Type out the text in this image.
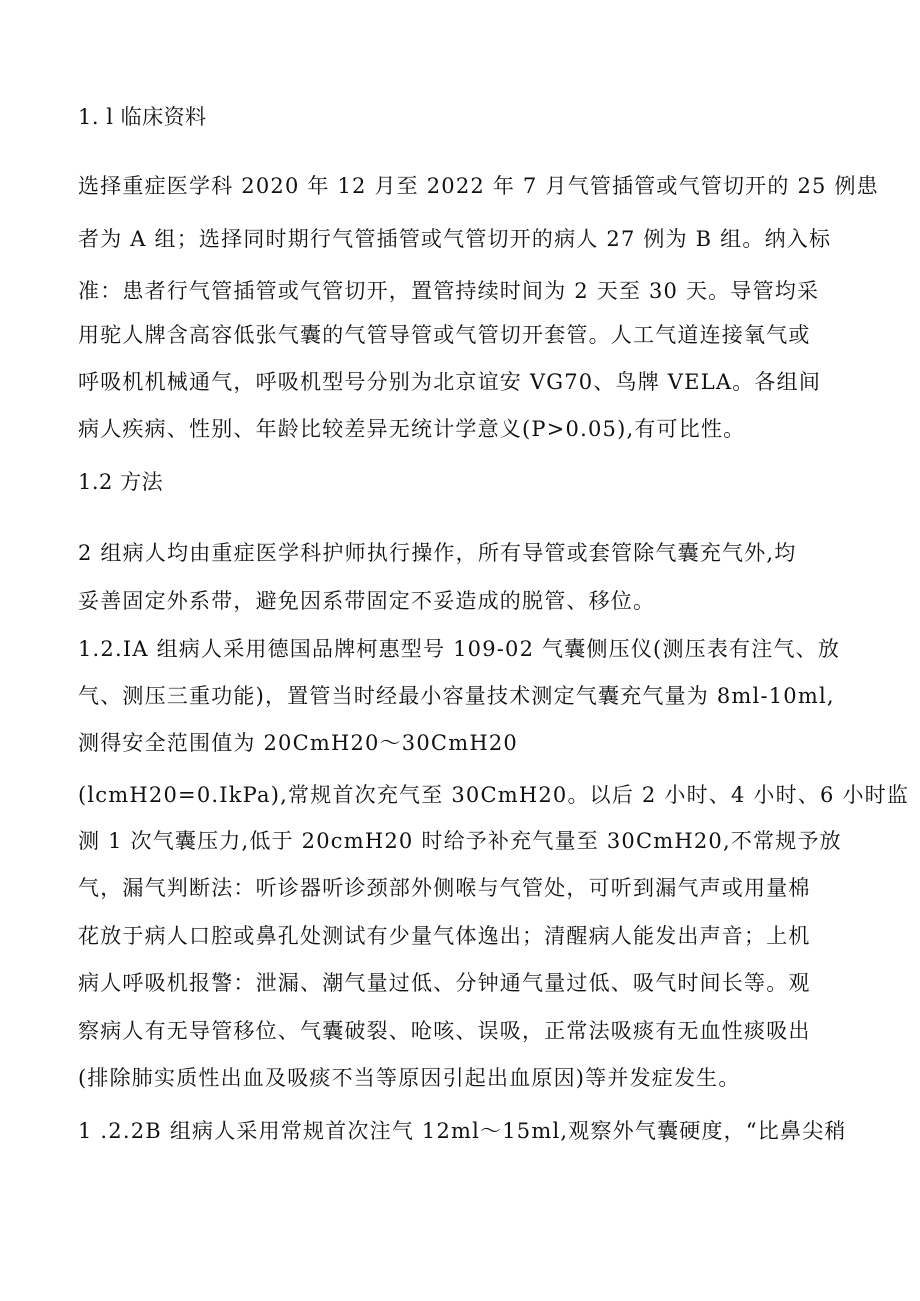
1. l 临床资料
选择重症医学科 2020 年 12 月至 2022 年 7 月气管插管或气管切开的 25 例患
者为 A 组；选择同时期行气管插管或气管切开的病人 27 例为 B 组。纳入标
准：患者行气管插管或气管切开，置管持续时间为 2 天至 30 天。导管均采
用驼人牌含高容低张气囊的气管导管或气管切开套管。人工气道连接氧气或
呼吸机机械通气，呼吸机型号分别为北京谊安 VG70、鸟牌 VELA。各组间
病人疾病、性别、年龄比较差异无统计学意义(P>0.05),有可比性。
1.2 方法
2 组病人均由重症医学科护师执行操作，所有导管或套管除气囊充气外,均
妥善固定外系带，避免因系带固定不妥造成的脱管、移位。
1.2.IA 组病人采用德国品牌柯惠型号 109-02 气囊侧压仪(测压表有注气、放
气、测压三重功能)，置管当时经最小容量技术测定气囊充气量为 8ml-10ml,
测得安全范围值为 20CmH20～30CmH20
(lcmH20=0.IkPa),常规首次充气至 30CmH20。以后 2 小时、4 小时、6 小时监
测 1 次气囊压力,低于 20cmH20 时给予补充气量至 30CmH20,不常规予放
气，漏气判断法：听诊器听诊颈部外侧喉与气管处，可听到漏气声或用量棉
花放于病人口腔或鼻孔处测试有少量气体逸出；清醒病人能发出声音；上机
病人呼吸机报警：泄漏、潮气量过低、分钟通气量过低、吸气时间长等。观
察病人有无导管移位、气囊破裂、呛咳、误吸，正常法吸痰有无血性痰吸出
(排除肺实质性出血及吸痰不当等原因引起出血原因)等并发症发生。
1 .2.2B 组病人采用常规首次注气 12ml～15ml,观察外气囊硬度，“比鼻尖稍
